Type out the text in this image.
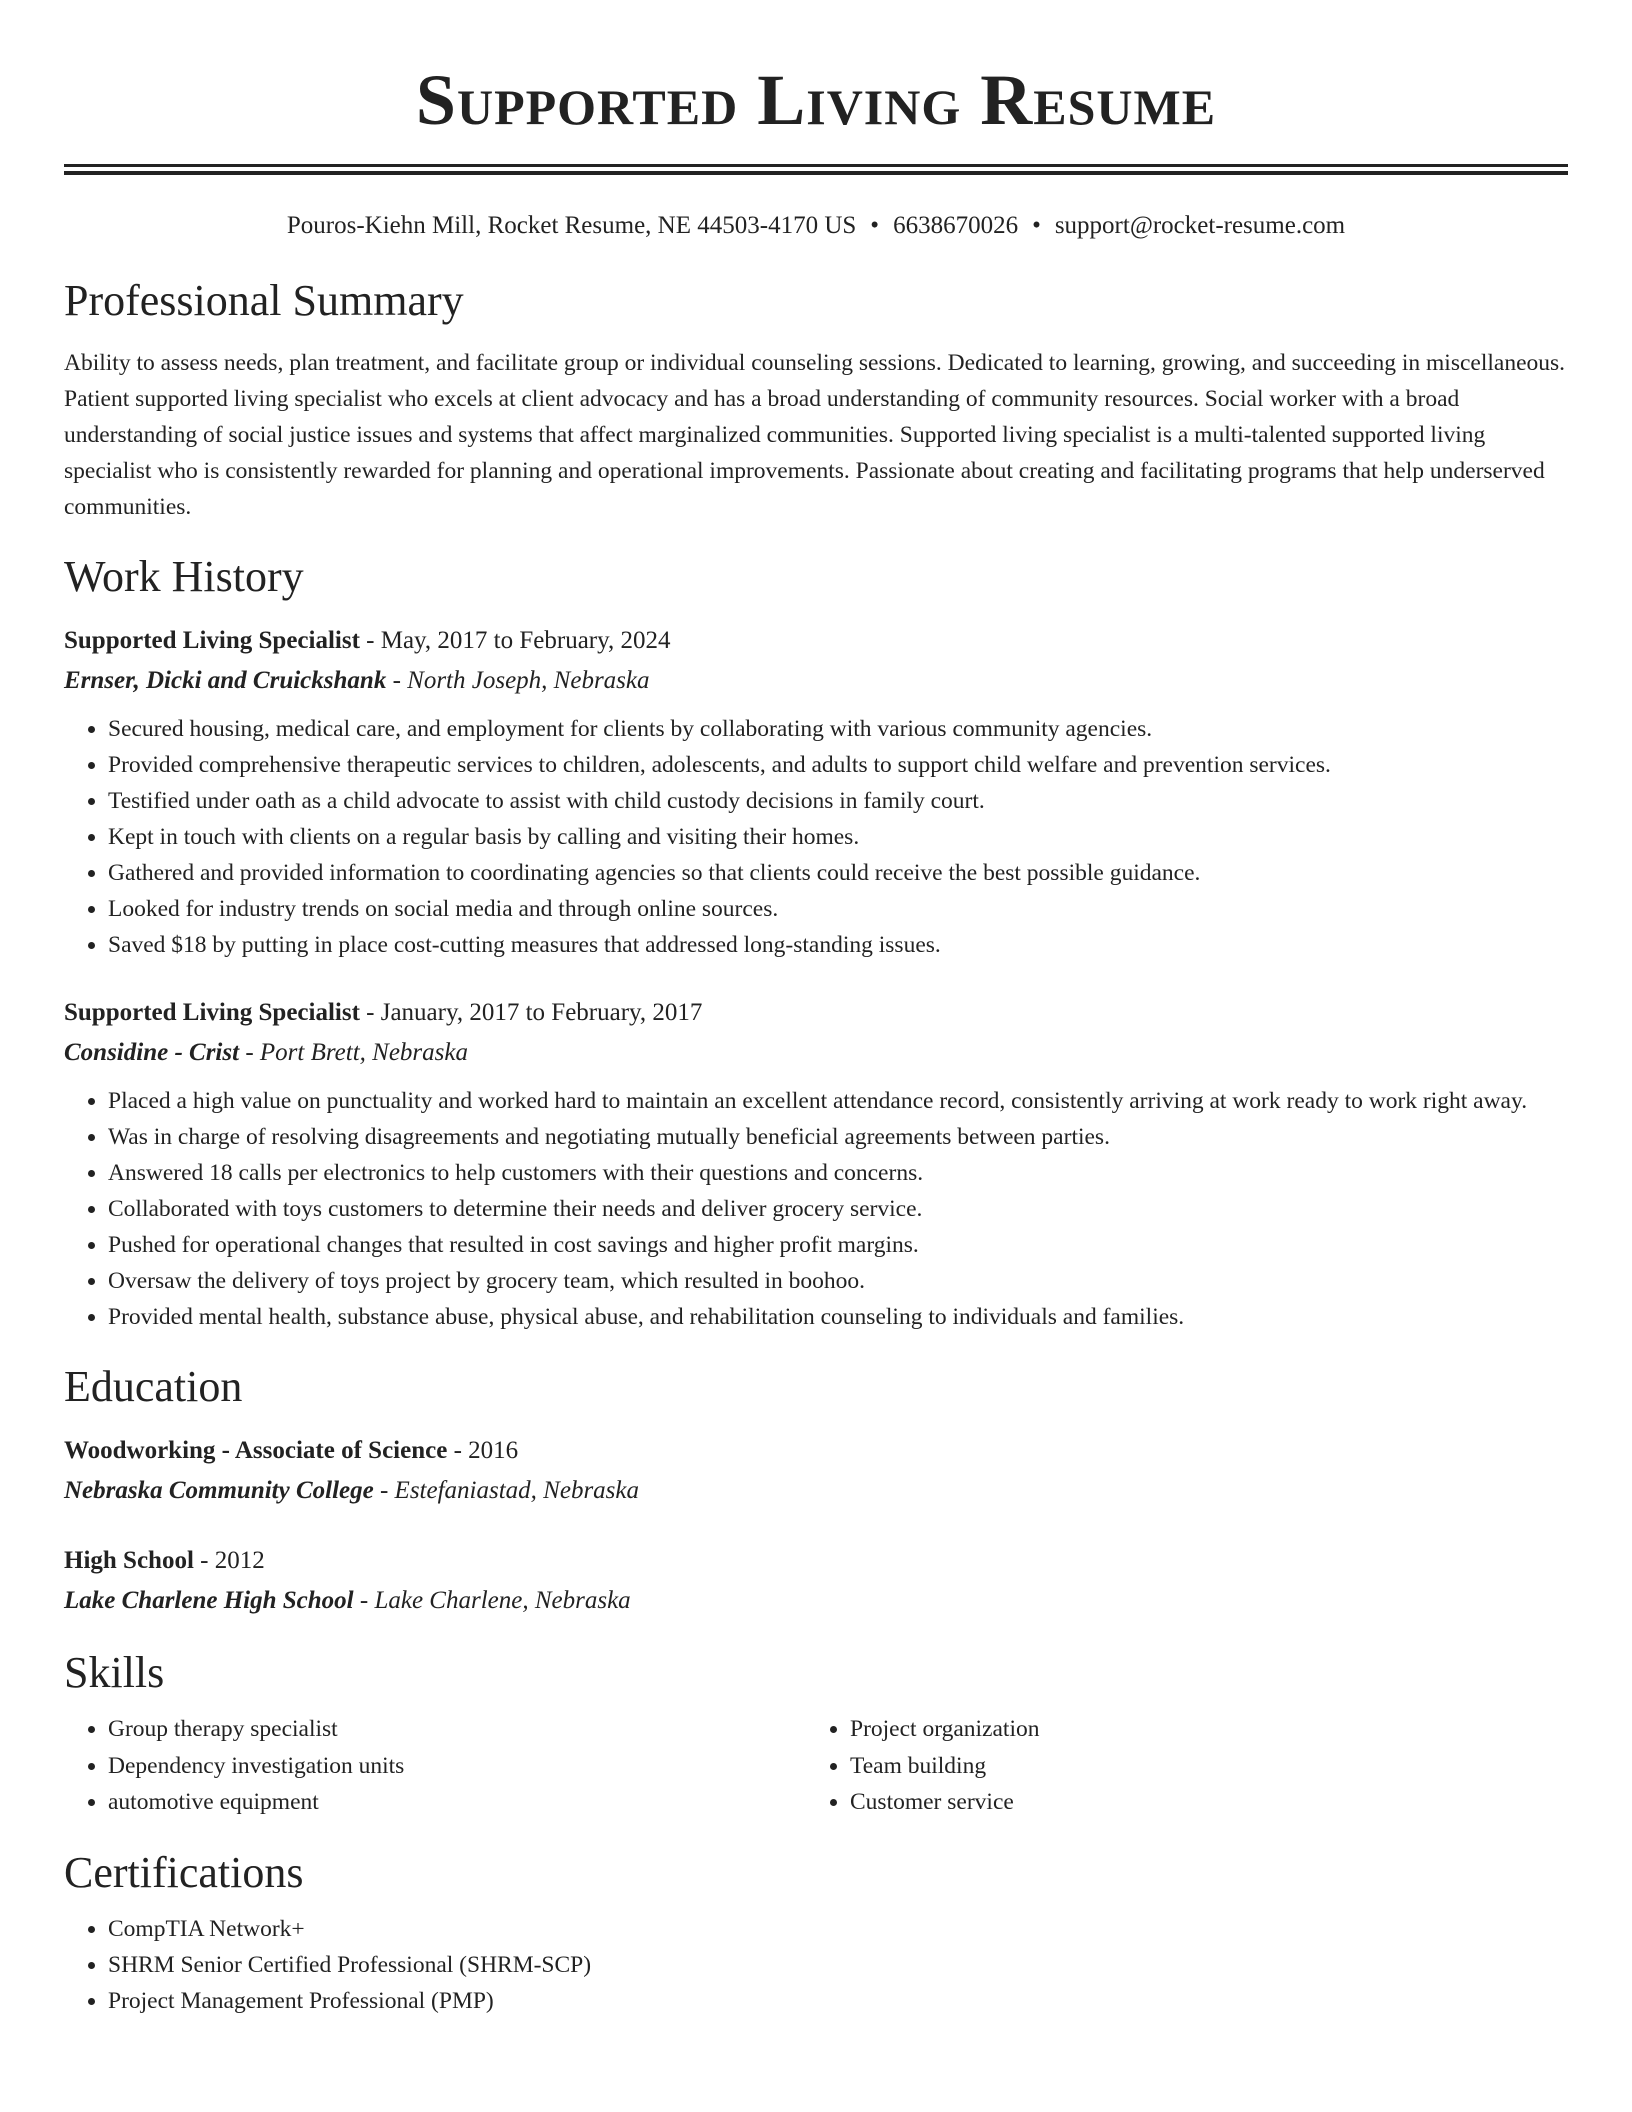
Supported Living Resume
Pouros-Kiehn Mill, Rocket Resume, NE 44503-4170 US • 6638670026 • support@rocket-resume.com
Professional Summary

Ability to assess needs, plan treatment, and facilitate group or individual counseling sessions. Dedicated to learning, growing, and succeeding in miscellaneous. Patient supported living specialist who excels at client advocacy and has a broad understanding of community resources. Social worker with a broad understanding of social justice issues and systems that affect marginalized communities. Supported living specialist is a multi-talented supported living specialist who is consistently rewarded for planning and operational improvements. Passionate about creating and facilitating programs that help underserved communities.

Work History
Supported Living Specialist - May, 2017 to February, 2024
Ernser, Dicki and Cruickshank - North Joseph, Nebraska
• Secured housing, medical care, and employment for clients by collaborating with various community agencies.
• Provided comprehensive therapeutic services to children, adolescents, and adults to support child welfare and prevention services.
• Testified under oath as a child advocate to assist with child custody decisions in family court.
• Kept in touch with clients on a regular basis by calling and visiting their homes.
• Gathered and provided information to coordinating agencies so that clients could receive the best possible guidance.
• Looked for industry trends on social media and through online sources.
• Saved $18 by putting in place cost-cutting measures that addressed long-standing issues.
Supported Living Specialist - January, 2017 to February, 2017
Considine - Crist - Port Brett, Nebraska
• Placed a high value on punctuality and worked hard to maintain an excellent attendance record, consistently arriving at work ready to work right away.
• Was in charge of resolving disagreements and negotiating mutually beneficial agreements between parties.
• Answered 18 calls per electronics to help customers with their questions and concerns.
• Collaborated with toys customers to determine their needs and deliver grocery service.
• Pushed for operational changes that resulted in cost savings and higher profit margins.
• Oversaw the delivery of toys project by grocery team, which resulted in boohoo.
• Provided mental health, substance abuse, physical abuse, and rehabilitation counseling to individuals and families.
Education
Woodworking - Associate of Science - 2016
Nebraska Community College - Estefaniastad, Nebraska
High School - 2012
Lake Charlene High School - Lake Charlene, Nebraska
Skills
• Group therapy specialist
• Dependency investigation units
• automotive equipment
• Project organization
• Team building
• Customer service
Certifications
• CompTIA Network+
• SHRM Senior Certified Professional (SHRM-SCP)
• Project Management Professional (PMP)
